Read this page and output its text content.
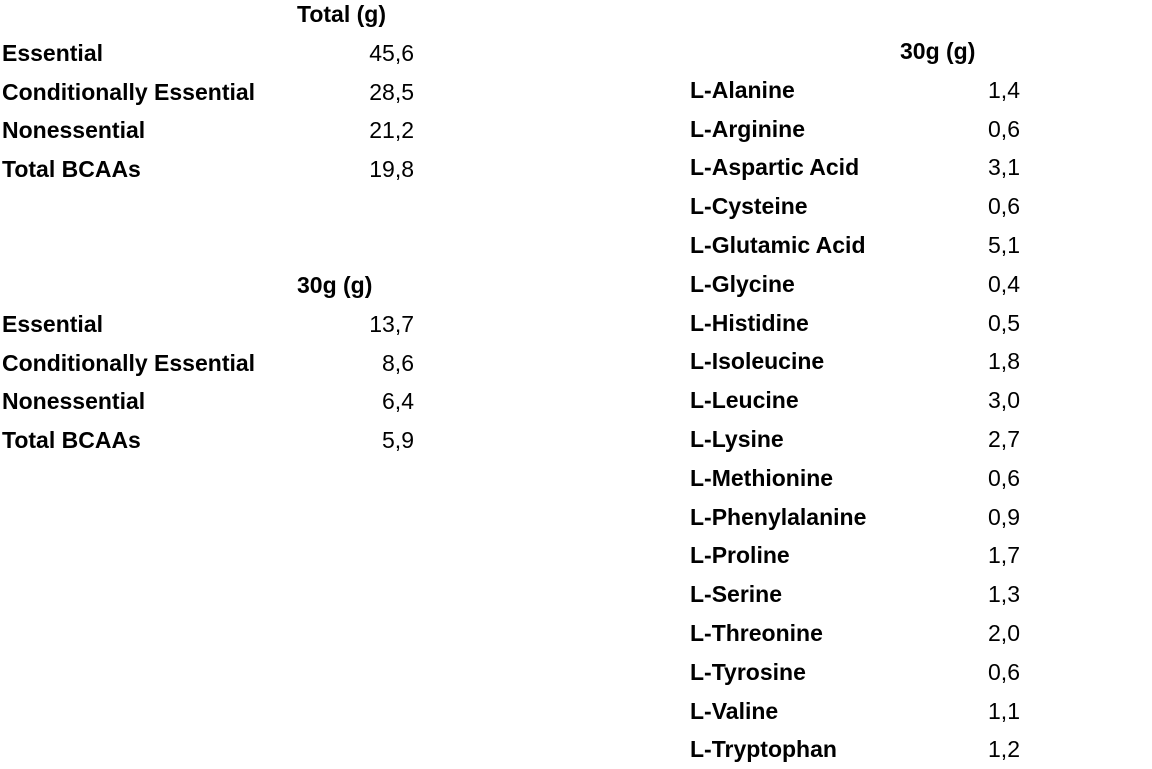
Total (g)
Essential	45,6
Conditionally Essential	28,5
Nonessential	21,2
Total BCAAs	19,8
30g (g)
Essential	13,7
Conditionally Essential	8,6
Nonessential	6,4
Total BCAAs	5,9
30g (g)
L-Alanine	1,4
L-Arginine	0,6
L-Aspartic Acid	3,1
L-Cysteine	0,6
L-Glutamic Acid	5,1
L-Glycine	0,4
L-Histidine	0,5
L-Isoleucine	1,8
L-Leucine	3,0
L-Lysine	2,7
L-Methionine	0,6
L-Phenylalanine	0,9
L-Proline	1,7
L-Serine	1,3
L-Threonine	2,0
L-Tyrosine	0,6
L-Valine	1,1
L-Tryptophan	1,2
